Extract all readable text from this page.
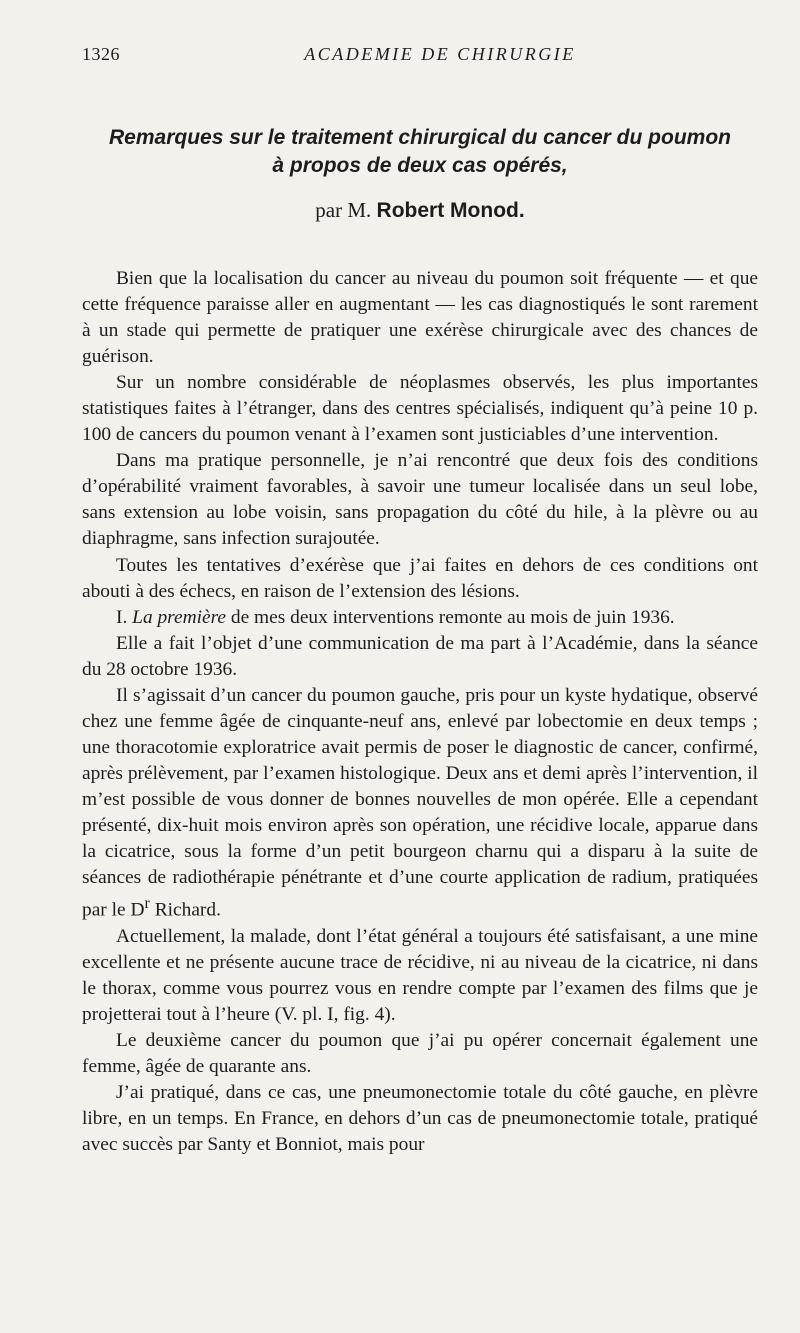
1326	ACADEMIE DE CHIRURGIE
Remarques sur le traitement chirurgical du cancer du poumon
à propos de deux cas opérés,
par M. Robert Monod.

Bien que la localisation du cancer au niveau du poumon soit fréquente — et que cette fréquence paraisse aller en augmentant — les cas diagnostiqués le sont rarement à un stade qui permette de pratiquer une exérèse chirurgicale avec des chances de guérison.

Sur un nombre considérable de néoplasmes observés, les plus importantes statistiques faites à l’étranger, dans des centres spécialisés, indiquent qu’à peine 10 p. 100 de cancers du poumon venant à l’examen sont justiciables d’une intervention.

Dans ma pratique personnelle, je n’ai rencontré que deux fois des conditions d’opérabilité vraiment favorables, à savoir une tumeur localisée dans un seul lobe, sans extension au lobe voisin, sans propagation du côté du hile, à la plèvre ou au diaphragme, sans infection surajoutée.

Toutes les tentatives d’exérèse que j’ai faites en dehors de ces conditions ont abouti à des échecs, en raison de l’extension des lésions.

I. La première de mes deux interventions remonte au mois de juin 1936.

Elle a fait l’objet d’une communication de ma part à l’Académie, dans la séance du 28 octobre 1936.

Il s’agissait d’un cancer du poumon gauche, pris pour un kyste hydatique, observé chez une femme âgée de cinquante-neuf ans, enlevé par lobectomie en deux temps ; une thoracotomie exploratrice avait permis de poser le diagnostic de cancer, confirmé, après prélèvement, par l’examen histologique. Deux ans et demi après l’intervention, il m’est possible de vous donner de bonnes nouvelles de mon opérée. Elle a cependant présenté, dix-huit mois environ après son opération, une récidive locale, apparue dans la cicatrice, sous la forme d’un petit bourgeon charnu qui a disparu à la suite de séances de radiothérapie pénétrante et d’une courte application de radium, pratiquées par le $D^r$ Richard.

Actuellement, la malade, dont l’état général a toujours été satisfaisant, a une mine excellente et ne présente aucune trace de récidive, ni au niveau de la cicatrice, ni dans le thorax, comme vous pourrez vous en rendre compte par l’examen des films que je projetterai tout à l’heure (V. pl. I, fig. 4).

Le deuxième cancer du poumon que j’ai pu opérer concernait également une femme, âgée de quarante ans.

J’ai pratiqué, dans ce cas, une pneumonectomie totale du côté gauche, en plèvre libre, en un temps. En France, en dehors d’un cas de pneumonectomie totale, pratiqué avec succès par Santy et Bonniot, mais pour
